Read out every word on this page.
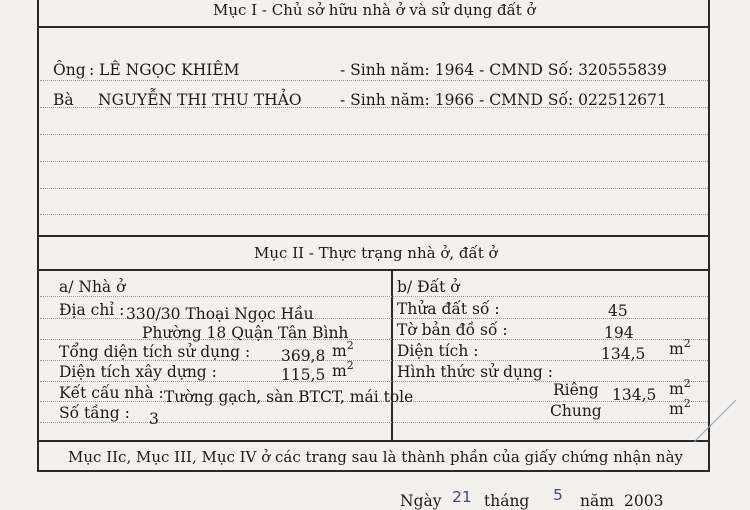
Mục I - Chủ sở hữu nhà ở và sử dụng đất ở
Ông : LÊ NGỌC KHIÊM	- Sinh năm: 1964 - CMND Số: 320555839
Bà NGUYỄN THỊ THU THẢO - Sinh năm: 1966 - CMND Số: 022512671
Mục II - Thực trạng nhà ở, đất ở
a/ Nhà ở
Địa chỉ : 330/30 Thoại Ngọc Hầu
Phường 18 Quận Tân Bình
Tổng diện tích sử dụng : 369,8 $m^2$
Diện tích xây dựng :	115,5 $m^2$
Kết cấu nhà : Tường gạch, sàn BTCT, mái tole
Số tầng : 3
b/ Đất ở
Thửa đất số :	45
Tờ bản đồ số :	194
Diện tích :	134,5 $m^2$
Hình thức sử dụng :
Riêng 134,5 $m^2$
Chung	$m^2$
Mục IIc, Mục III, Mục IV ở các trang sau là thành phần của giấy chứng nhận này
Ngày 21 tháng 5 năm 2003
